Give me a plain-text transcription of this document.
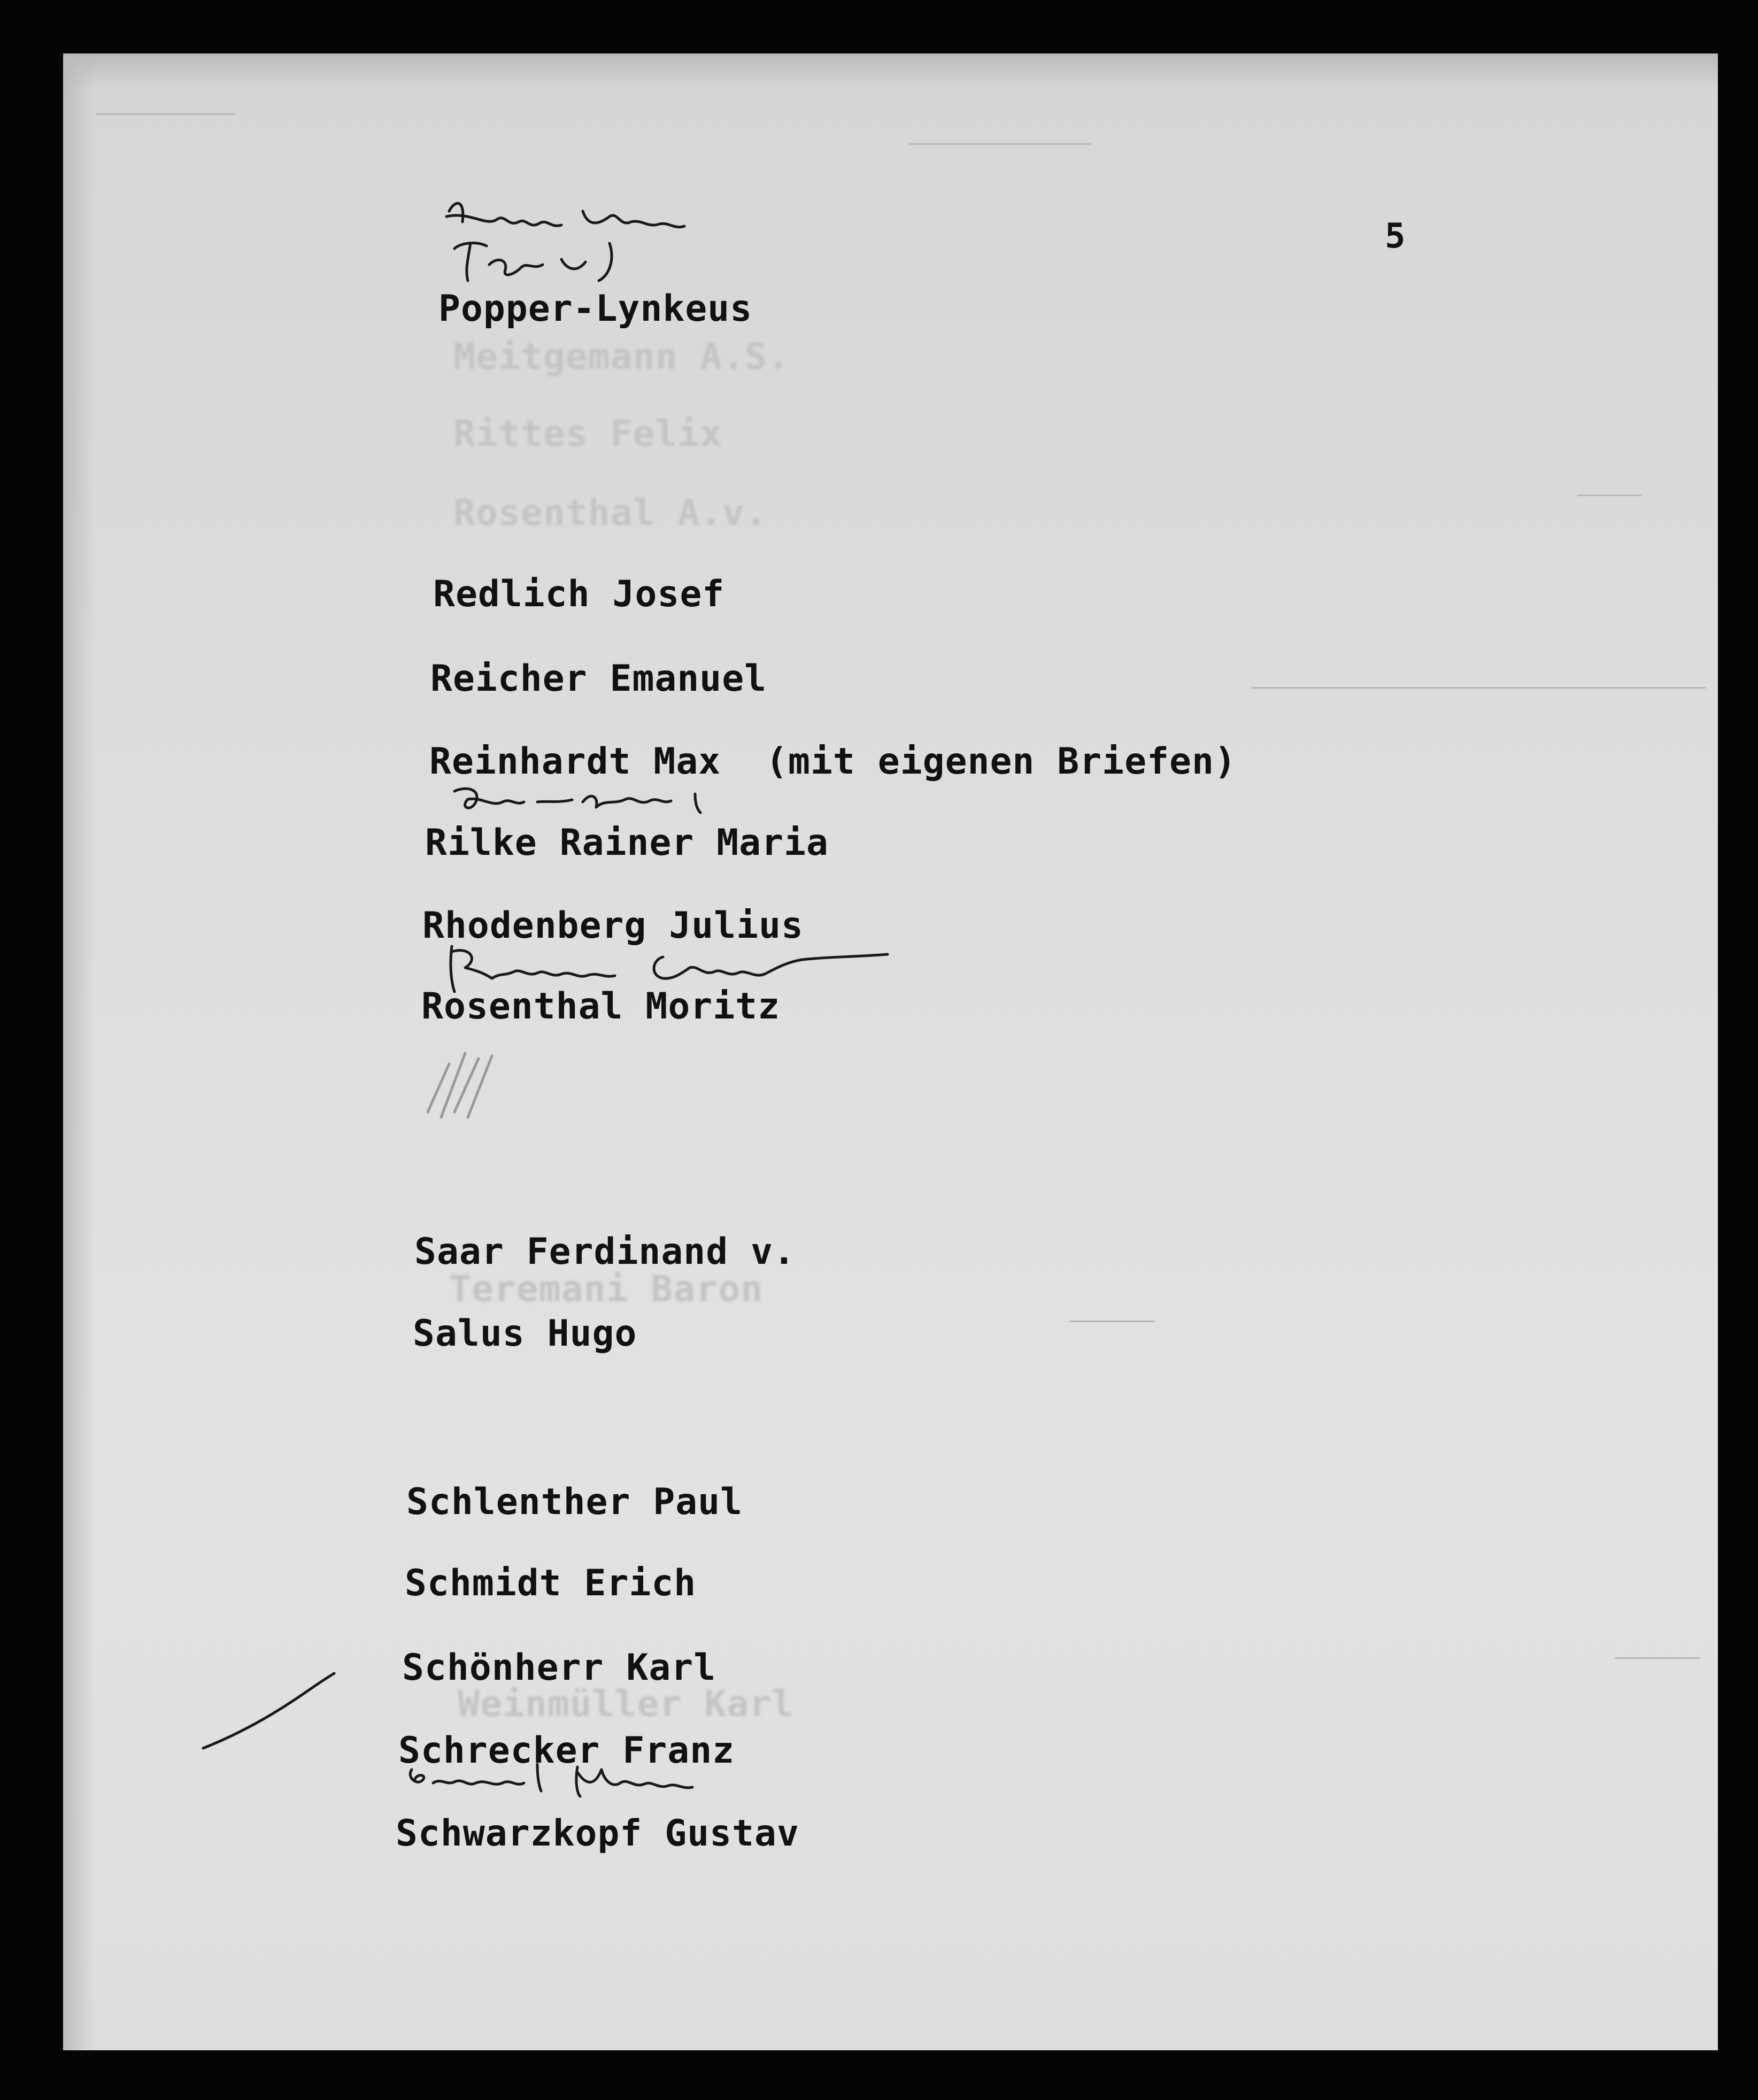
5
Meitgemann A.S.
Rittes Felix
Rosenthal A.v.
Teremani Baron
Weinmüller Karl
Popper-Lynkeus
Redlich Josef
Reicher Emanuel
Reinhardt Max  (mit eigenen Briefen)
Rilke Rainer Maria
Rhodenberg Julius
Rosenthal Moritz
Saar Ferdinand v.
Salus Hugo
Schlenther Paul
Schmidt Erich
Schönherr Karl
Schrecker Franz
Schwarzkopf Gustav
